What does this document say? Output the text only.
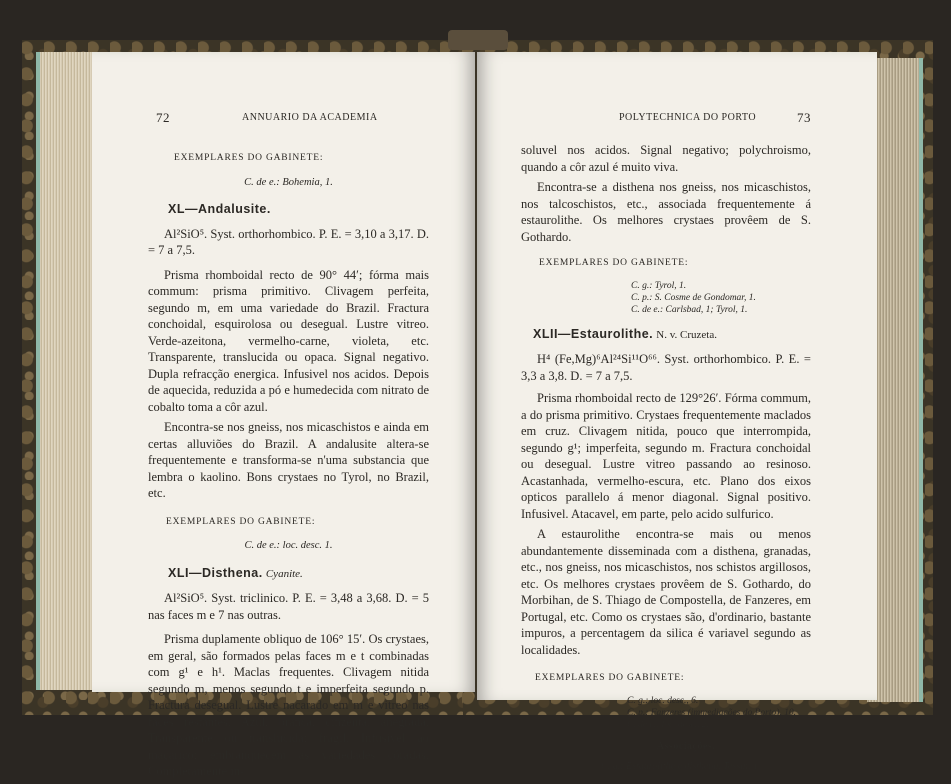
72	ANNUARIO DA ACADEMIA
EXEMPLARES DO GABINETE:

C. de e.: Bohemia, 1.

XL—Andalusite.

Al²SiO⁵. Syst. orthorhombico. P. E. = 3,10 a 3,17. D. = 7 a 7,5.

Prisma rhomboidal recto de 90° 44′; fórma mais commum: prisma primitivo. Clivagem perfeita, segundo m, em uma variedade do Brazil. Fractura conchoidal, esquirolosa ou desegual. Lustre vitreo. Verde-azeitona, vermelho-carne, violeta, etc. Transparente, translucida ou opaca. Signal negativo. Dupla refracção energica. Infusivel nos acidos. Depois de aquecida, reduzida a pó e humedecida com nitrato de cobalto toma a côr azul.

Encontra-se nos gneiss, nos micaschistos e ainda em certas alluviões do Brazil. A andalusite altera-se frequentemente e transforma-se n'uma substancia que lembra o kaolino. Bons crystaes no Tyrol, no Brazil, etc.

EXEMPLARES DO GABINETE:

C. de e.: loc. desc. 1.

XLI—Disthena. Cyanite.

Al²SiO⁵. Syst. triclinico. P. E. = 3,48 a 3,68. D. = 5 nas faces m e 7 nas outras.

Prisma duplamente obliquo de 106° 15′. Os crystaes, em geral, são formados pelas faces m e t combinadas com g¹ e h¹. Maclas frequentes. Clivagem nitida segundo m, menos segundo t e imperfeita segundo p. Fractura desegual. Lustre nacarado em m e vitreo nas faces restantes. Azul, branca, cinzenta, anegrada. Transparente ou translucida; fragil. Infusivel ao maçarico; embranquecem as variedades córadas. Completamente in-

POLYTECHNICA DO PORTO	73

soluvel nos acidos. Signal negativo; polychroismo, quando a côr azul é muito viva.

Encontra-se a disthena nos gneiss, nos micaschistos, nos talcoschistos, etc., associada frequentemente á estaurolithe. Os melhores crystaes provêem de S. Gothardo.

EXEMPLARES DO GABINETE:

C. g.: Tyrol, 1.

C. p.: S. Cosme de Gondomar, 1.

C. de e.: Carlsbad, 1; Tyrol, 1.

XLII—Estaurolithe. N. v. Cruzeta.

H⁴ (Fe,Mg)⁶Al²⁴Si¹¹O⁶⁶. Syst. orthorhombico. P. E. = 3,3 a 3,8. D. = 7 a 7,5.

Prisma rhomboidal recto de 129°26′. Fórma commum, a do prisma primitivo. Crystaes frequentemente maclados em cruz. Clivagem nitida, pouco que interrompida, segundo g¹; imperfeita, segundo m. Fractura conchoidal ou desegual. Lustre vitreo passando ao resinoso. Acastanhada, vermelho-escura, etc. Plano dos eixos opticos parallelo á menor diagonal. Signal positivo. Infusivel. Atacavel, em parte, pelo acido sulfurico.

A estaurolithe encontra-se mais ou menos abundantemente disseminada com a disthena, granadas, etc., nos gneiss, nos micaschistos, nos schistos argillosos, etc. Os melhores crystaes provêem de S. Gothardo, do Morbihan, de S. Thiago de Compostella, de Fanzeres, em Portugal, etc. Como os crystaes são, d'ordinario, bastante impuros, a percentagem da silica é variavel segundo as localidades.

EXEMPLARES DO GABINETE:

C. g.: loc. desc., 6.

C. p.: Fanzeres (immediações do Porto), 10.

C. de e.: loc. desc., 2.

Associações.

C. g.: Estaurolithe e disthena, Tessin, 1.
